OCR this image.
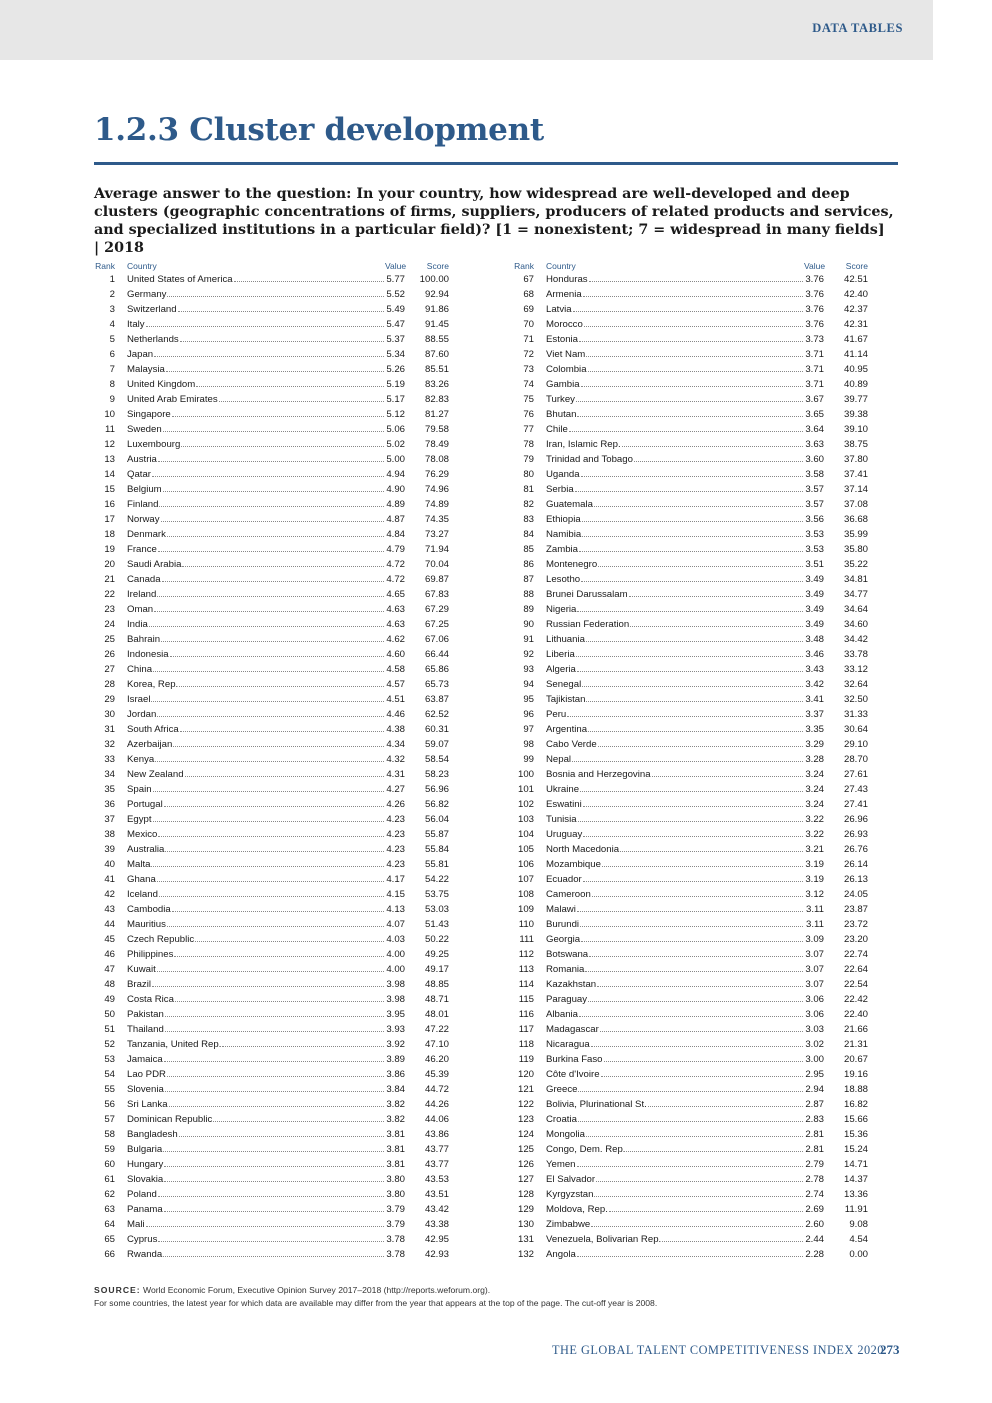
DATA TABLES
1.2.3 Cluster development

Average answer to the question: In your country, how widespread are well-developed and deep clusters (geographic concentrations of firms, suppliers, producers of related products and services, and specialized institutions in a particular field)? [1 = nonexistent; 7 = widespread in many fields] | 2018

Rank Country	Value	Score
1 United States of America	5.77	100.00
2 Germany	5.52	92.94
3 Switzerland	5.49	91.86
4 Italy	5.47	91.45
5 Netherlands	5.37	88.55
6 Japan	5.34	87.60
7 Malaysia	5.26	85.51
8 United Kingdom	5.19	83.26
9 United Arab Emirates	5.17	82.83
10 Singapore	5.12	81.27
11 Sweden	5.06	79.58
12 Luxembourg	5.02	78.49
13 Austria	5.00	78.08
14 Qatar	4.94	76.29
15 Belgium	4.90	74.96
16 Finland	4.89	74.89
17 Norway	4.87	74.35
18 Denmark	4.84	73.27
19 France	4.79	71.94
20 Saudi Arabia	4.72	70.04
21 Canada	4.72	69.87
22 Ireland	4.65	67.83
23 Oman	4.63	67.29
24 India	4.63	67.25
25 Bahrain	4.62	67.06
26 Indonesia	4.60	66.44
27 China	4.58	65.86
28 Korea, Rep.	4.57	65.73
29 Israel	4.51	63.87
30 Jordan	4.46	62.52
31 South Africa	4.38	60.31
32 Azerbaijan	4.34	59.07
33 Kenya	4.32	58.54
34 New Zealand	4.31	58.23
35 Spain	4.27	56.96
36 Portugal	4.26	56.82
37 Egypt	4.23	56.04
38 Mexico	4.23	55.87
39 Australia	4.23	55.84
40 Malta	4.23	55.81
41 Ghana	4.17	54.22
42 Iceland	4.15	53.75
43 Cambodia	4.13	53.03
44 Mauritius	4.07	51.43
45 Czech Republic	4.03	50.22
46 Philippines	4.00	49.25
47 Kuwait	4.00	49.17
48 Brazil	3.98	48.85
49 Costa Rica	3.98	48.71
50 Pakistan	3.95	48.01
51 Thailand	3.93	47.22
52 Tanzania, United Rep.	3.92	47.10
53 Jamaica	3.89	46.20
54 Lao PDR	3.86	45.39
55 Slovenia	3.84	44.72
56 Sri Lanka	3.82	44.26
57 Dominican Republic	3.82	44.06
58 Bangladesh	3.81	43.86
59 Bulgaria	3.81	43.77
60 Hungary	3.81	43.77
61 Slovakia	3.80	43.53
62 Poland	3.80	43.51
63 Panama	3.79	43.42
64 Mali	3.79	43.38
65 Cyprus	3.78	42.95
66 Rwanda	3.78	42.93
Rank Country	Value	Score
67 Honduras	3.76	42.51
68 Armenia	3.76	42.40
69 Latvia	3.76	42.37
70 Morocco	3.76	42.31
71 Estonia	3.73	41.67
72 Viet Nam	3.71	41.14
73 Colombia	3.71	40.95
74 Gambia	3.71	40.89
75 Turkey	3.67	39.77
76 Bhutan	3.65	39.38
77 Chile	3.64	39.10
78 Iran, Islamic Rep.	3.63	38.75
79 Trinidad and Tobago	3.60	37.80
80 Uganda	3.58	37.41
81 Serbia	3.57	37.14
82 Guatemala	3.57	37.08
83 Ethiopia	3.56	36.68
84 Namibia	3.53	35.99
85 Zambia	3.53	35.80
86 Montenegro	3.51	35.22
87 Lesotho	3.49	34.81
88 Brunei Darussalam	3.49	34.77
89 Nigeria	3.49	34.64
90 Russian Federation	3.49	34.60
91 Lithuania	3.48	34.42
92 Liberia	3.46	33.78
93 Algeria	3.43	33.12
94 Senegal	3.42	32.64
95 Tajikistan	3.41	32.50
96 Peru	3.37	31.33
97 Argentina	3.35	30.64
98 Cabo Verde	3.29	29.10
99 Nepal	3.28	28.70
100 Bosnia and Herzegovina	3.24	27.61
101 Ukraine	3.24	27.43
102 Eswatini	3.24	27.41
103 Tunisia	3.22	26.96
104 Uruguay	3.22	26.93
105 North Macedonia	3.21	26.76
106 Mozambique	3.19	26.14
107 Ecuador	3.19	26.13
108 Cameroon	3.12	24.05
109 Malawi	3.11	23.87
110 Burundi	3.11	23.72
111 Georgia	3.09	23.20
112 Botswana	3.07	22.74
113 Romania	3.07	22.64
114 Kazakhstan	3.07	22.54
115 Paraguay	3.06	22.42
116 Albania	3.06	22.40
117 Madagascar	3.03	21.66
118 Nicaragua	3.02	21.31
119 Burkina Faso	3.00	20.67
120 Côte d'Ivoire	2.95	19.16
121 Greece	2.94	18.88
122 Bolivia, Plurinational St.	2.87	16.82
123 Croatia	2.83	15.66
124 Mongolia	2.81	15.36
125 Congo, Dem. Rep.	2.81	15.24
126 Yemen	2.79	14.71
127 El Salvador	2.78	14.37
128 Kyrgyzstan	2.74	13.36
129 Moldova, Rep.	2.69	11.91
130 Zimbabwe	2.60	9.08
131 Venezuela, Bolivarian Rep.	2.44	4.54
132 Angola	2.28	0.00
SOURCE: World Economic Forum, Executive Opinion Survey 2017–2018 (http://reports.weforum.org).
For some countries, the latest year for which data are available may differ from the year that appears at the top of the page. The cut-off year is 2008.
THE GLOBAL TALENT COMPETITIVENESS INDEX 2020
273
